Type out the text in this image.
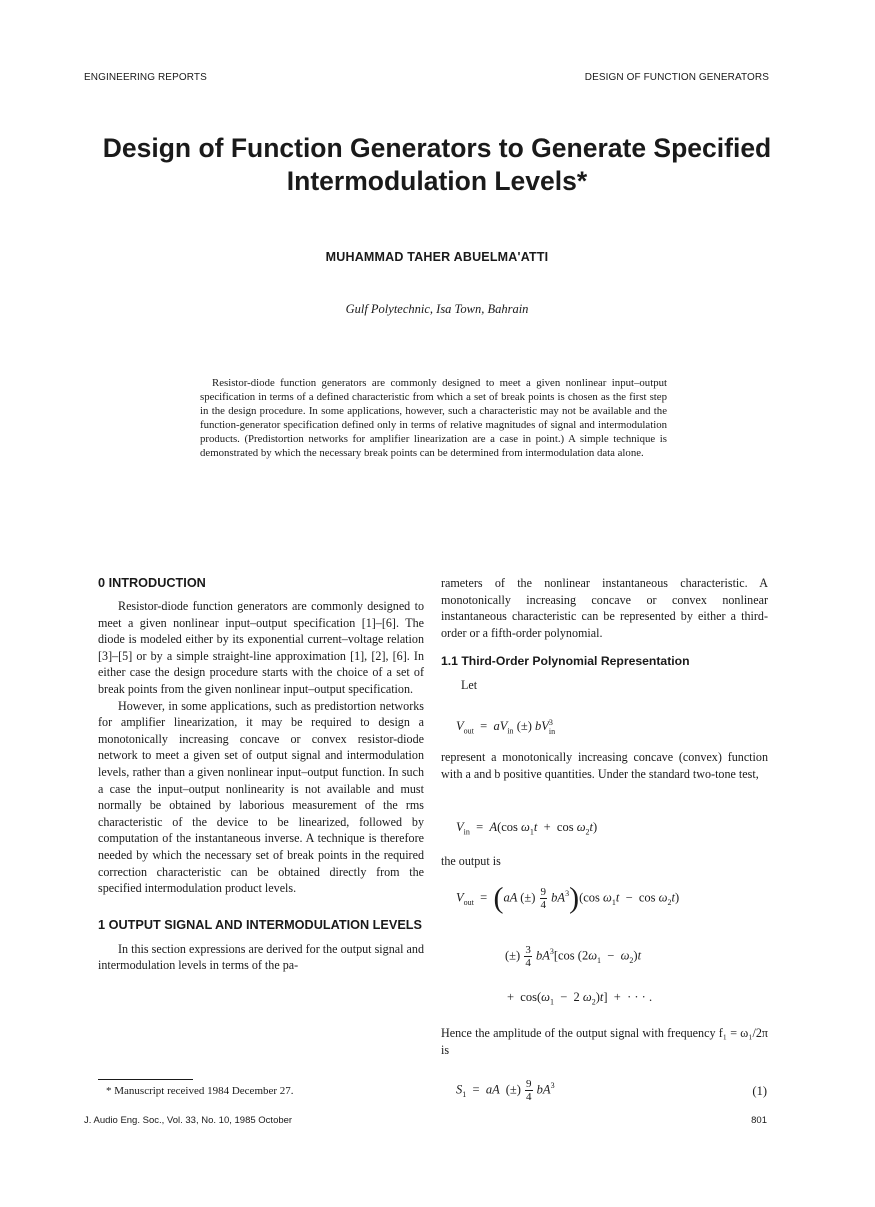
ENGINEERING REPORTS	DESIGN OF FUNCTION GENERATORS
Design of Function Generators to Generate Specified
Intermodulation Levels*
MUHAMMAD TAHER ABUELMA'ATTI
Gulf Polytechnic, Isa Town, Bahrain

Resistor-diode function generators are commonly designed to meet a given nonlinear input–output specification in terms of a defined characteristic from which a set of break points is chosen as the first step in the design procedure. In some applications, however, such a characteristic may not be available and the function-generator specification defined only in terms of relative magnitudes of signal and intermodulation products. (Predistortion networks for amplifier linearization are a case in point.) A simple technique is demonstrated by which the necessary break points can be determined from intermodulation data alone.

0 INTRODUCTION

Resistor-diode function generators are commonly designed to meet a given nonlinear input–output specification [1]–[6]. The diode is modeled either by its exponential current–voltage relation [3]–[5] or by a simple straight-line approximation [1], [2], [6]. In either case the design procedure starts with the choice of a set of break points from the given nonlinear input–output specification.

However, in some applications, such as predistortion networks for amplifier linearization, it may be required to design a monotonically increasing concave or convex resistor-diode network to meet a given set of output signal and intermodulation levels, rather than a given nonlinear input–output function. In such a case the input–output nonlinearity is not available and must normally be obtained by laborious measurement of the rms characteristic of the device to be linearized, followed by computation of the instantaneous inverse. A technique is therefore needed by which the necessary set of break points in the required correction characteristic can be obtained directly from the specified intermodulation product levels.

1 OUTPUT SIGNAL AND INTERMODULATION LEVELS

In this section expressions are derived for the output signal and intermodulation levels in terms of the pa-

rameters of the nonlinear instantaneous characteristic. A monotonically increasing concave or convex nonlinear instantaneous characteristic can be represented by either a third-order or a fifth-order polynomial.

1.1 Third-Order Polynomial Representation

Let

$V_{out} = aV_{in}$ (±) $bV^3_{in}$

represent a monotonically increasing concave (convex) function with a and b positive quantities. Under the standard two-tone test,

$V_{in} = A(\cos$ $\omega_1t + \cos \omega_2t$)
the output is
$V_{out} = (aA$ (±) $\frac{9}{4} bA^3)(\cos$ $\omega_1t - \cos \omega_2t$)
(±) $\frac{3}{4} bA^3[\cos$ $(2\omega_1 - \omega_2)t$
+  $\cos(\omega_1 - 2$ $\omega_2)t$]  +  · · · .

Hence the amplitude of the output signal with frequency f₁ = ω₁/2π is

$S_1$  =  aA  (±) $\frac{9}{4} bA^3$	(1)
* Manuscript received 1984 December 27.
J. Audio Eng. Soc., Vol. 33, No. 10, 1985 October	801
